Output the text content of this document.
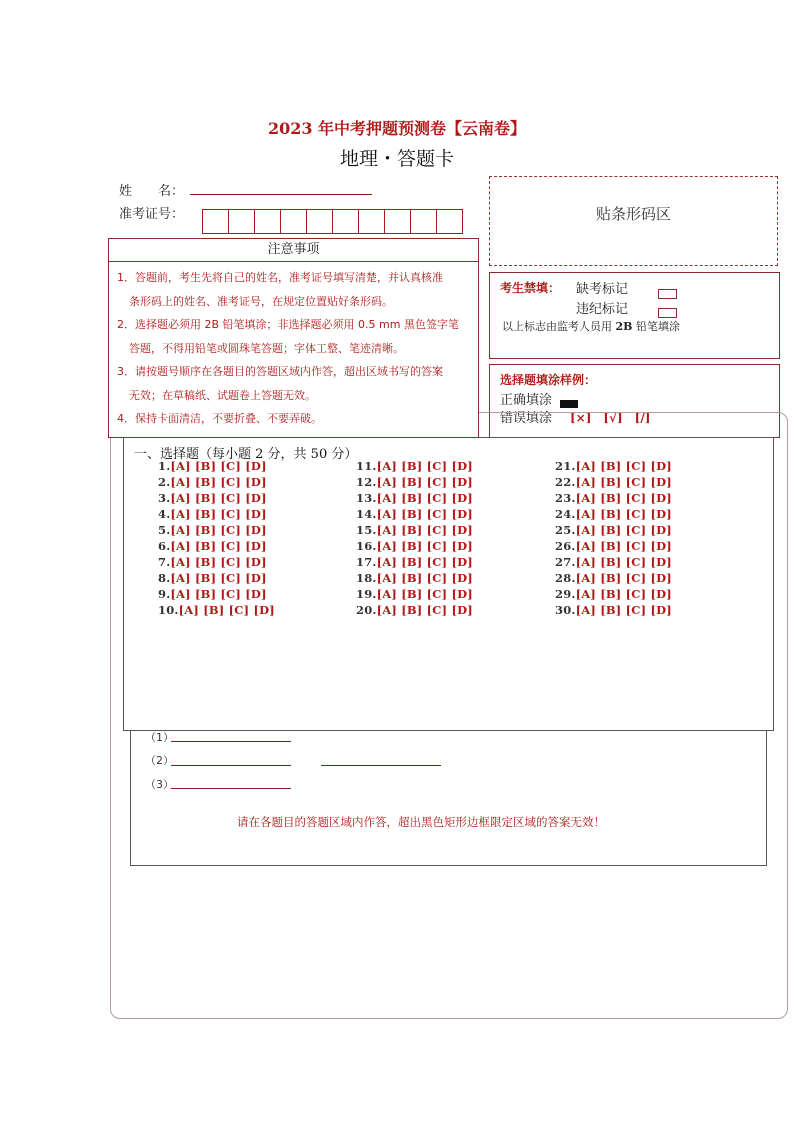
2023 年中考押题预测卷【云南卷】
地理・答题卡
姓　　名：
准考证号：	贴条形码区
注意事项
1．答题前，考生先将自己的姓名，准考证号填写清楚，并认真核准
条形码上的姓名、准考证号，在规定位置贴好条形码。
2．选择题必须用 2B 铅笔填涂；非选择题必须用 0.5 mm 黑色签字笔
答题，不得用铅笔或圆珠笔答题；字体工整、笔迹清晰。
3．请按题号顺序在各题目的答题区域内作答，超出区域书写的答案
无效；在草稿纸、试题卷上答题无效。
4．保持卡面清洁，不要折叠、不要弄破。
考生禁填： 缺考标记
违纪标记
以上标志由监考人员用 2B 铅笔填涂
选择题填涂样例：
正确填涂
错误填涂 [×]　[√]　[/]
（1）
（2）
（3）
请在各题目的答题区域内作答，超出黑色矩形边框限定区域的答案无效！
一、选择题（每小题 2 分，共 50 分）
1.[A] [B] [C] [D]
2.[A] [B] [C] [D]
3.[A] [B] [C] [D]
4.[A] [B] [C] [D]
5.[A] [B] [C] [D]
6.[A] [B] [C] [D]
7.[A] [B] [C] [D]
8.[A] [B] [C] [D]
9.[A] [B] [C] [D]
10.[A] [B] [C] [D]
11.[A] [B] [C] [D]
12.[A] [B] [C] [D]
13.[A] [B] [C] [D]
14.[A] [B] [C] [D]
15.[A] [B] [C] [D]
16.[A] [B] [C] [D]
17.[A] [B] [C] [D]
18.[A] [B] [C] [D]
19.[A] [B] [C] [D]
20.[A] [B] [C] [D]
21.[A] [B] [C] [D]
22.[A] [B] [C] [D]
23.[A] [B] [C] [D]
24.[A] [B] [C] [D]
25.[A] [B] [C] [D]
26.[A] [B] [C] [D]
27.[A] [B] [C] [D]
28.[A] [B] [C] [D]
29.[A] [B] [C] [D]
30.[A] [B] [C] [D]
